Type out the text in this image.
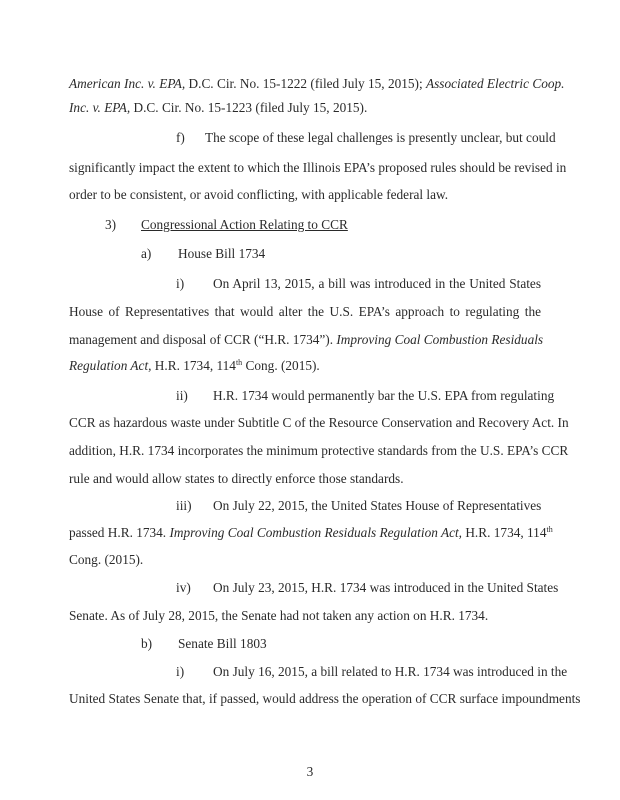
American Inc. v. EPA, D.C. Cir. No. 15-1222 (filed July 15, 2015); Associated Electric Coop.
Inc. v. EPA, D.C. Cir. No. 15-1223 (filed July 15, 2015).
f)	The scope of these legal challenges is presently unclear, but could
significantly impact the extent to which the Illinois EPA’s proposed rules should be revised in
order to be consistent, or avoid conflicting, with applicable federal law.
3)	Congressional Action Relating to CCR
a)	House Bill 1734
i)	On April 13, 2015, a bill was introduced in the United States
House of Representatives that would alter the U.S. EPA’s approach to regulating the
management and disposal of CCR (“H.R. 1734”). Improving Coal Combustion Residuals
Regulation Act, H.R. 1734, 114th Cong. (2015).
ii)	H.R. 1734 would permanently bar the U.S. EPA from regulating
CCR as hazardous waste under Subtitle C of the Resource Conservation and Recovery Act. In
addition, H.R. 1734 incorporates the minimum protective standards from the U.S. EPA’s CCR
rule and would allow states to directly enforce those standards.
iii)	On July 22, 2015, the United States House of Representatives
passed H.R. 1734. Improving Coal Combustion Residuals Regulation Act, H.R. 1734, 114th
Cong. (2015).
iv)	On July 23, 2015, H.R. 1734 was introduced in the United States
Senate. As of July 28, 2015, the Senate had not taken any action on H.R. 1734.
b)	Senate Bill 1803
i)	On July 16, 2015, a bill related to H.R. 1734 was introduced in the
United States Senate that, if passed, would address the operation of CCR surface impoundments
3
